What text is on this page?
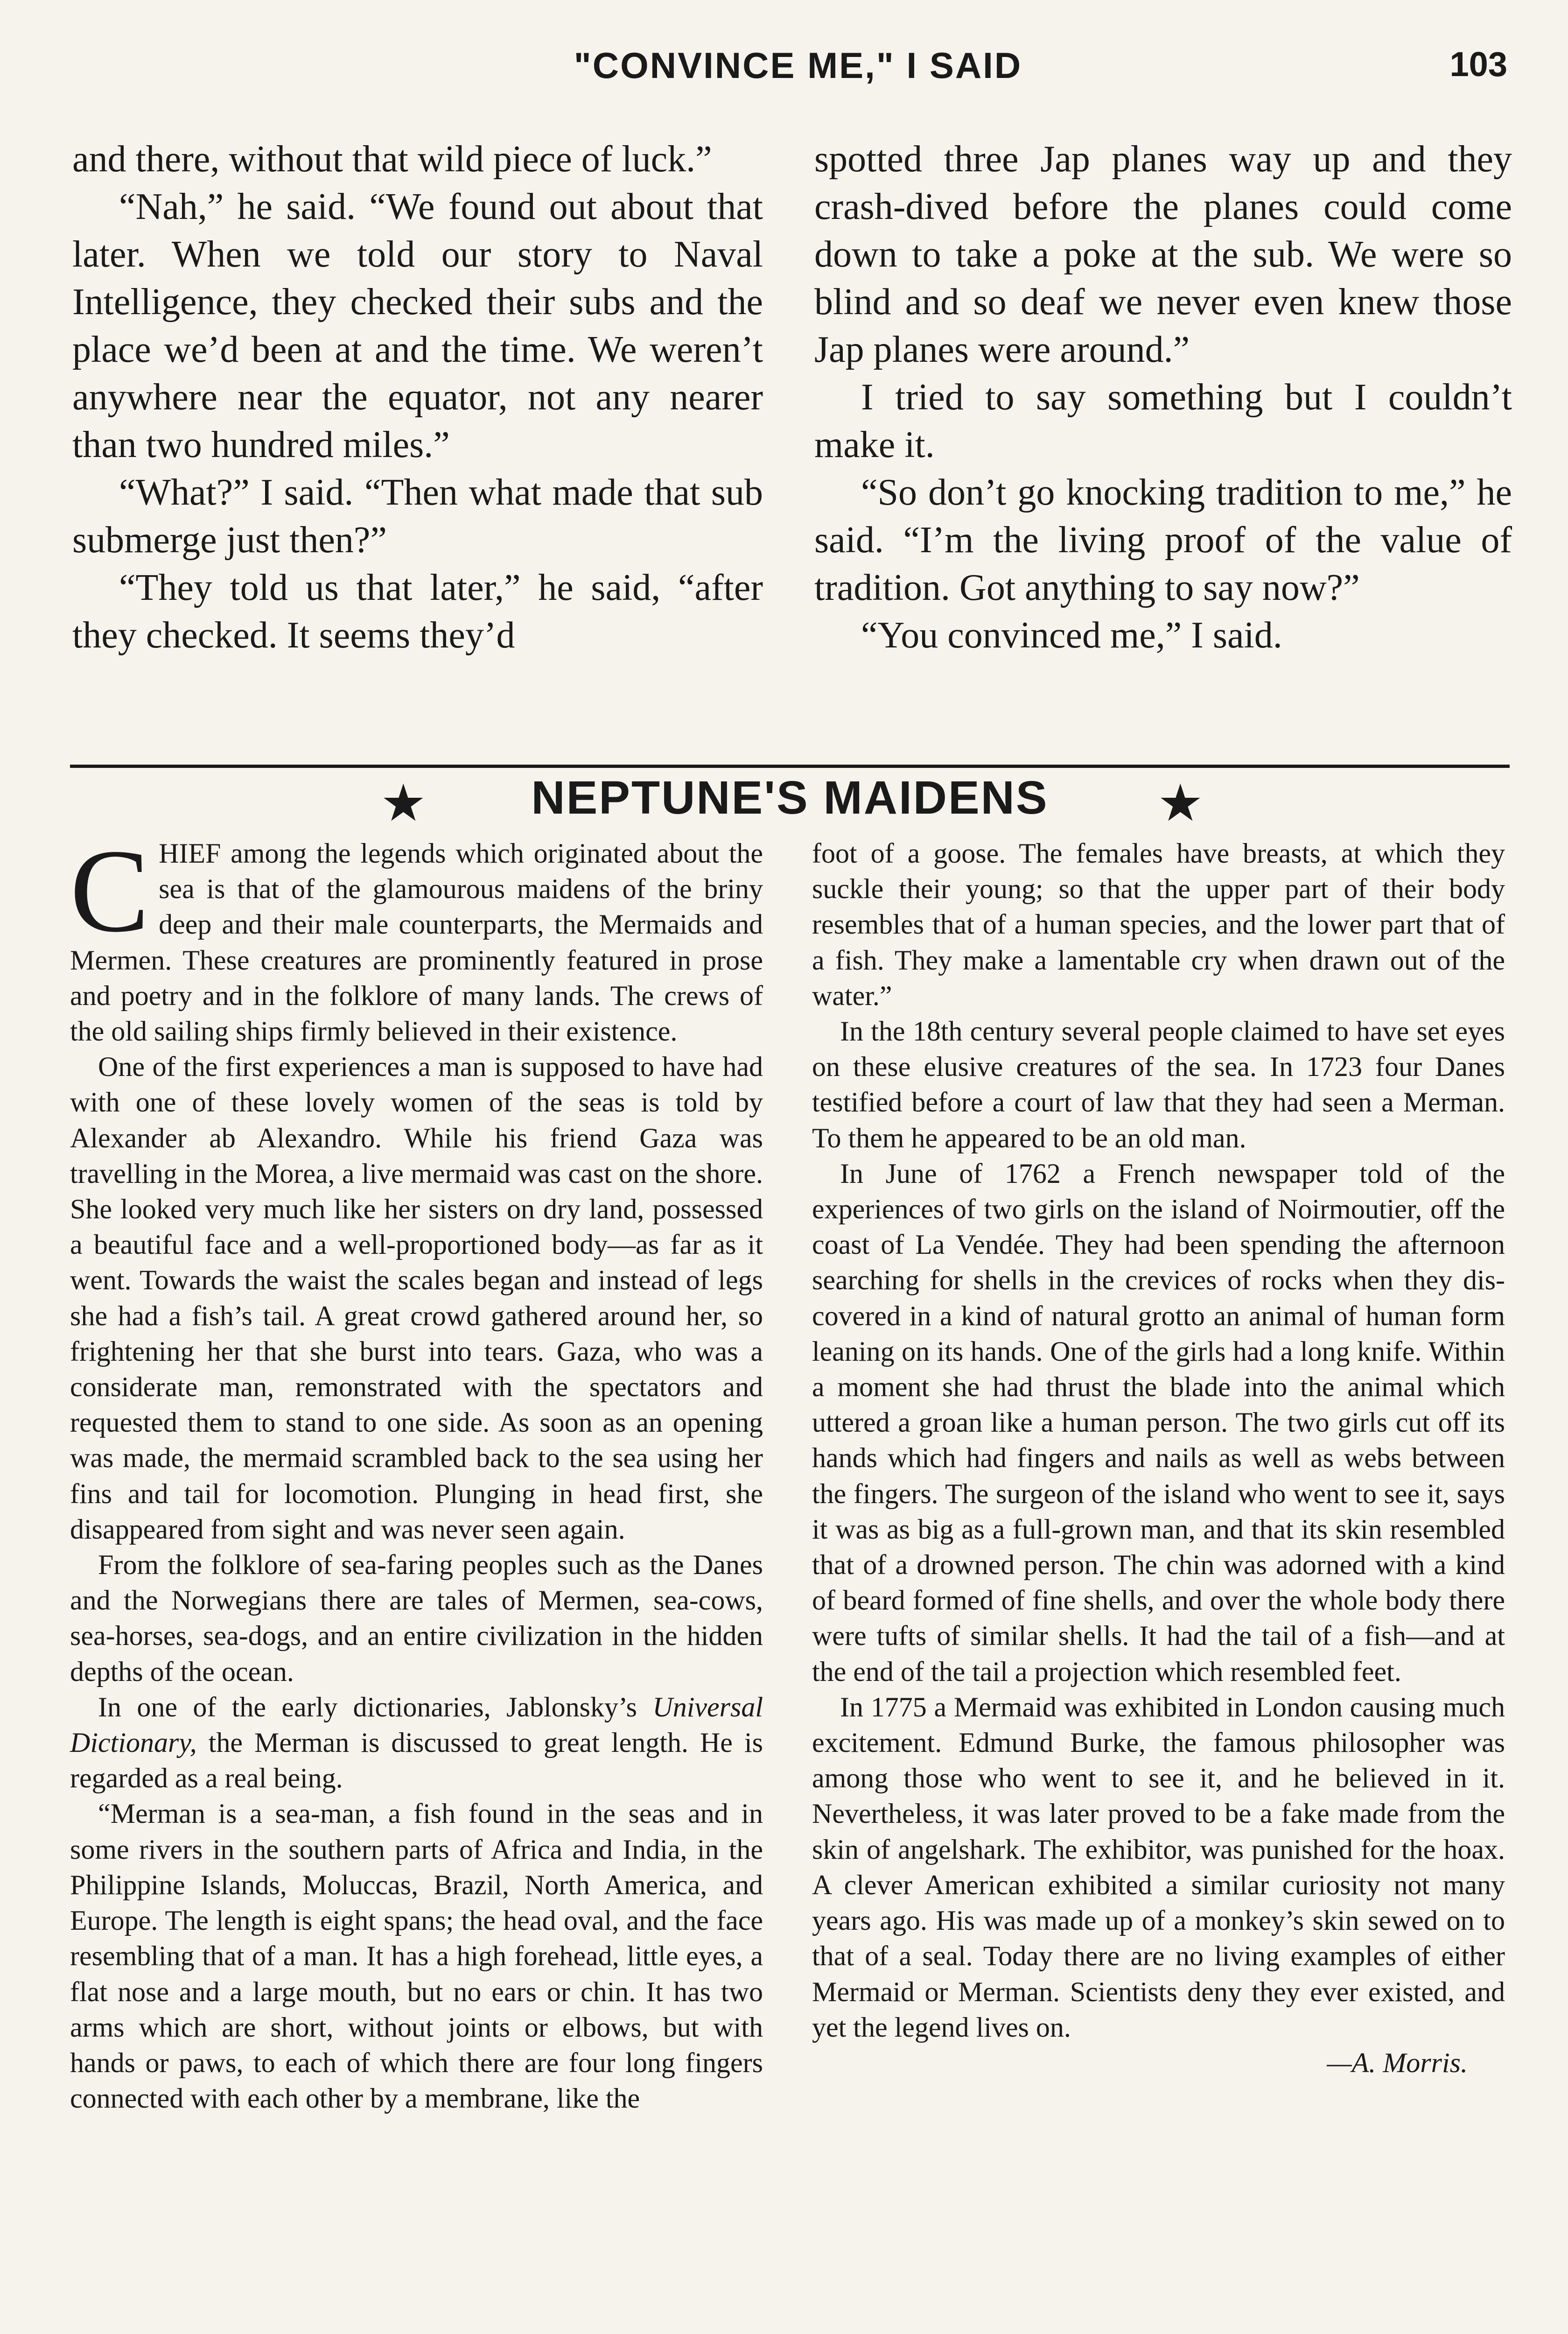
"CONVINCE ME," I SAID	103

and there, without that wild piece of luck.”

“Nah,” he said. “We found out about that later. When we told our story to Naval Intelligence, they checked their subs and the place we’d been at and the time. We weren’t anywhere near the equator, not any nearer than two hundred miles.”

“What?” I said. “Then what made that sub submerge just then?”

“They told us that later,” he said, “after they checked. It seems they’d

spotted three Jap planes way up and they crash-dived before the planes could come down to take a poke at the sub. We were so blind and so deaf we never even knew those Jap planes were around.”

I tried to say something but I couldn’t make it.

“So don’t go knocking tradition to me,” he said. “I’m the living proof of the value of tradition. Got anything to say now?”

“You convinced me,” I said.

★	NEPTUNE'S MAIDENS	★

CHIEF among the legends which originated about the sea is that of the glamourous maidens of the briny deep and their male counterparts, the Mermaids and Mermen. These creatures are prominently featured in prose and poetry and in the folklore of many lands. The crews of the old sailing ships firmly believed in their existence.

One of the first experiences a man is supposed to have had with one of these lovely women of the seas is told by Alexander ab Alexandro. While his friend Gaza was travelling in the Morea, a live mermaid was cast on the shore. She looked very much like her sisters on dry land, possessed a beautiful face and a well-proportioned body—as far as it went. Towards the waist the scales began and instead of legs she had a fish’s tail. A great crowd gathered around her, so frightening her that she burst into tears. Gaza, who was a considerate man, remonstrated with the spectators and requested them to stand to one side. As soon as an opening was made, the mermaid scrambled back to the sea using her fins and tail for locomotion. Plunging in head first, she disappeared from sight and was never seen again.

From the folklore of sea-faring peoples such as the Danes and the Norwegians there are tales of Mermen, sea-cows, sea-horses, sea-dogs, and an entire civilization in the hidden depths of the ocean.

In one of the early dictionaries, Jablonsky’s Universal Dictionary, the Merman is discussed to great length. He is regarded as a real being.

“Merman is a sea-man, a fish found in the seas and in some rivers in the southern parts of Africa and India, in the Philippine Islands, Moluccas, Brazil, North America, and Europe. The length is eight spans; the head oval, and the face resembling that of a man. It has a high forehead, little eyes, a flat nose and a large mouth, but no ears or chin. It has two arms which are short, without joints or elbows, but with hands or paws, to each of which there are four long fingers connected with each other by a membrane, like the

foot of a goose. The females have breasts, at which they suckle their young; so that the upper part of their body resembles that of a human species, and the lower part that of a fish. They make a lamentable cry when drawn out of the water.”

In the 18th century several people claimed to have set eyes on these elusive creatures of the sea. In 1723 four Danes testified before a court of law that they had seen a Merman. To them he appeared to be an old man.

In June of 1762 a French newspaper told of the experiences of two girls on the island of Noirmoutier, off the coast of La Vendée. They had been spending the afternoon searching for shells in the crevices of rocks when they discovered in a kind of natural grotto an animal of human form leaning on its hands. One of the girls had a long knife. Within a moment she had thrust the blade into the animal which uttered a groan like a human person. The two girls cut off its hands which had fingers and nails as well as webs between the fingers. The surgeon of the island who went to see it, says it was as big as a full-grown man, and that its skin resembled that of a drowned person. The chin was adorned with a kind of beard formed of fine shells, and over the whole body there were tufts of similar shells. It had the tail of a fish—and at the end of the tail a projection which resembled feet.

In 1775 a Mermaid was exhibited in London causing much excitement. Edmund Burke, the famous philosopher was among those who went to see it, and he believed in it. Nevertheless, it was later proved to be a fake made from the skin of angelshark. The exhibitor, was punished for the hoax. A clever American exhibited a similar curiosity not many years ago. His was made up of a monkey’s skin sewed on to that of a seal. Today there are no living examples of either Mermaid or Merman. Scientists deny they ever existed, and yet the legend lives on.

—A. Morris.
